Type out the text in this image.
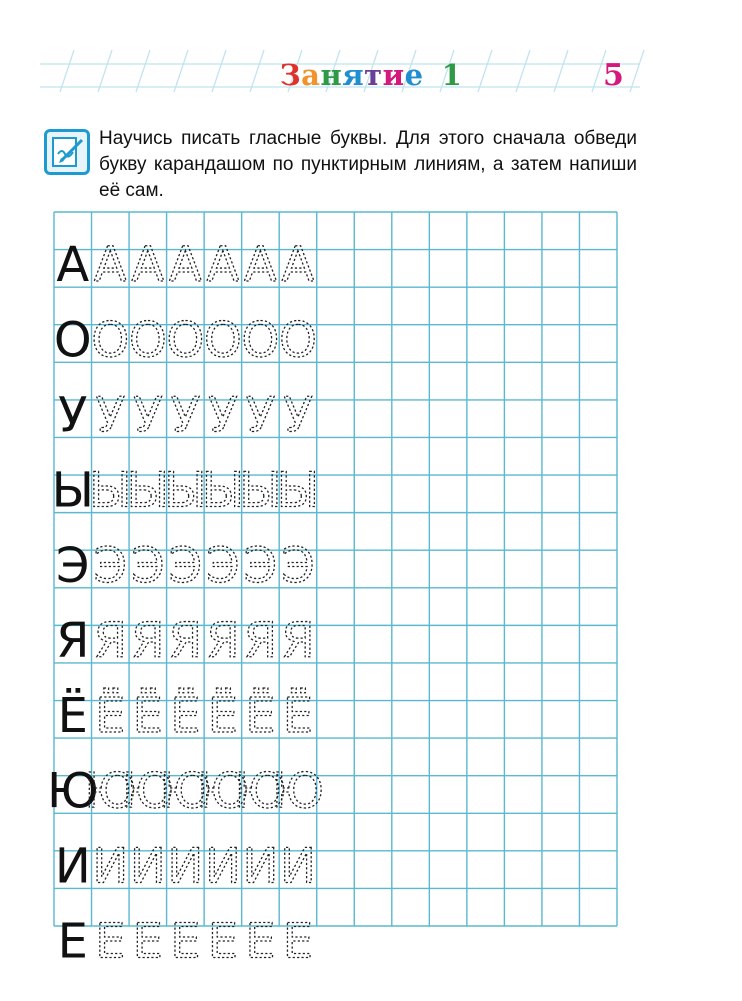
Занятие 1	5

Научись писать гласные буквы. Для этого сначала обведи букву карандашом по пунктирным линиям, а затем напиши её сам.

А А А А А А А
О О О О О О О
У У У У У У У
Ы
Ы
Ы
Ы
Ы
Ы
Ы
Э Э Э Э Э Э Э
Я Я Я Я Я Я Я
Ё Ё Ё Ё Ё Ё Ё
Ю
Ю
Ю
Ю
Ю
Ю
Ю
И И И И И И И
Е Е Е Е Е Е Е
